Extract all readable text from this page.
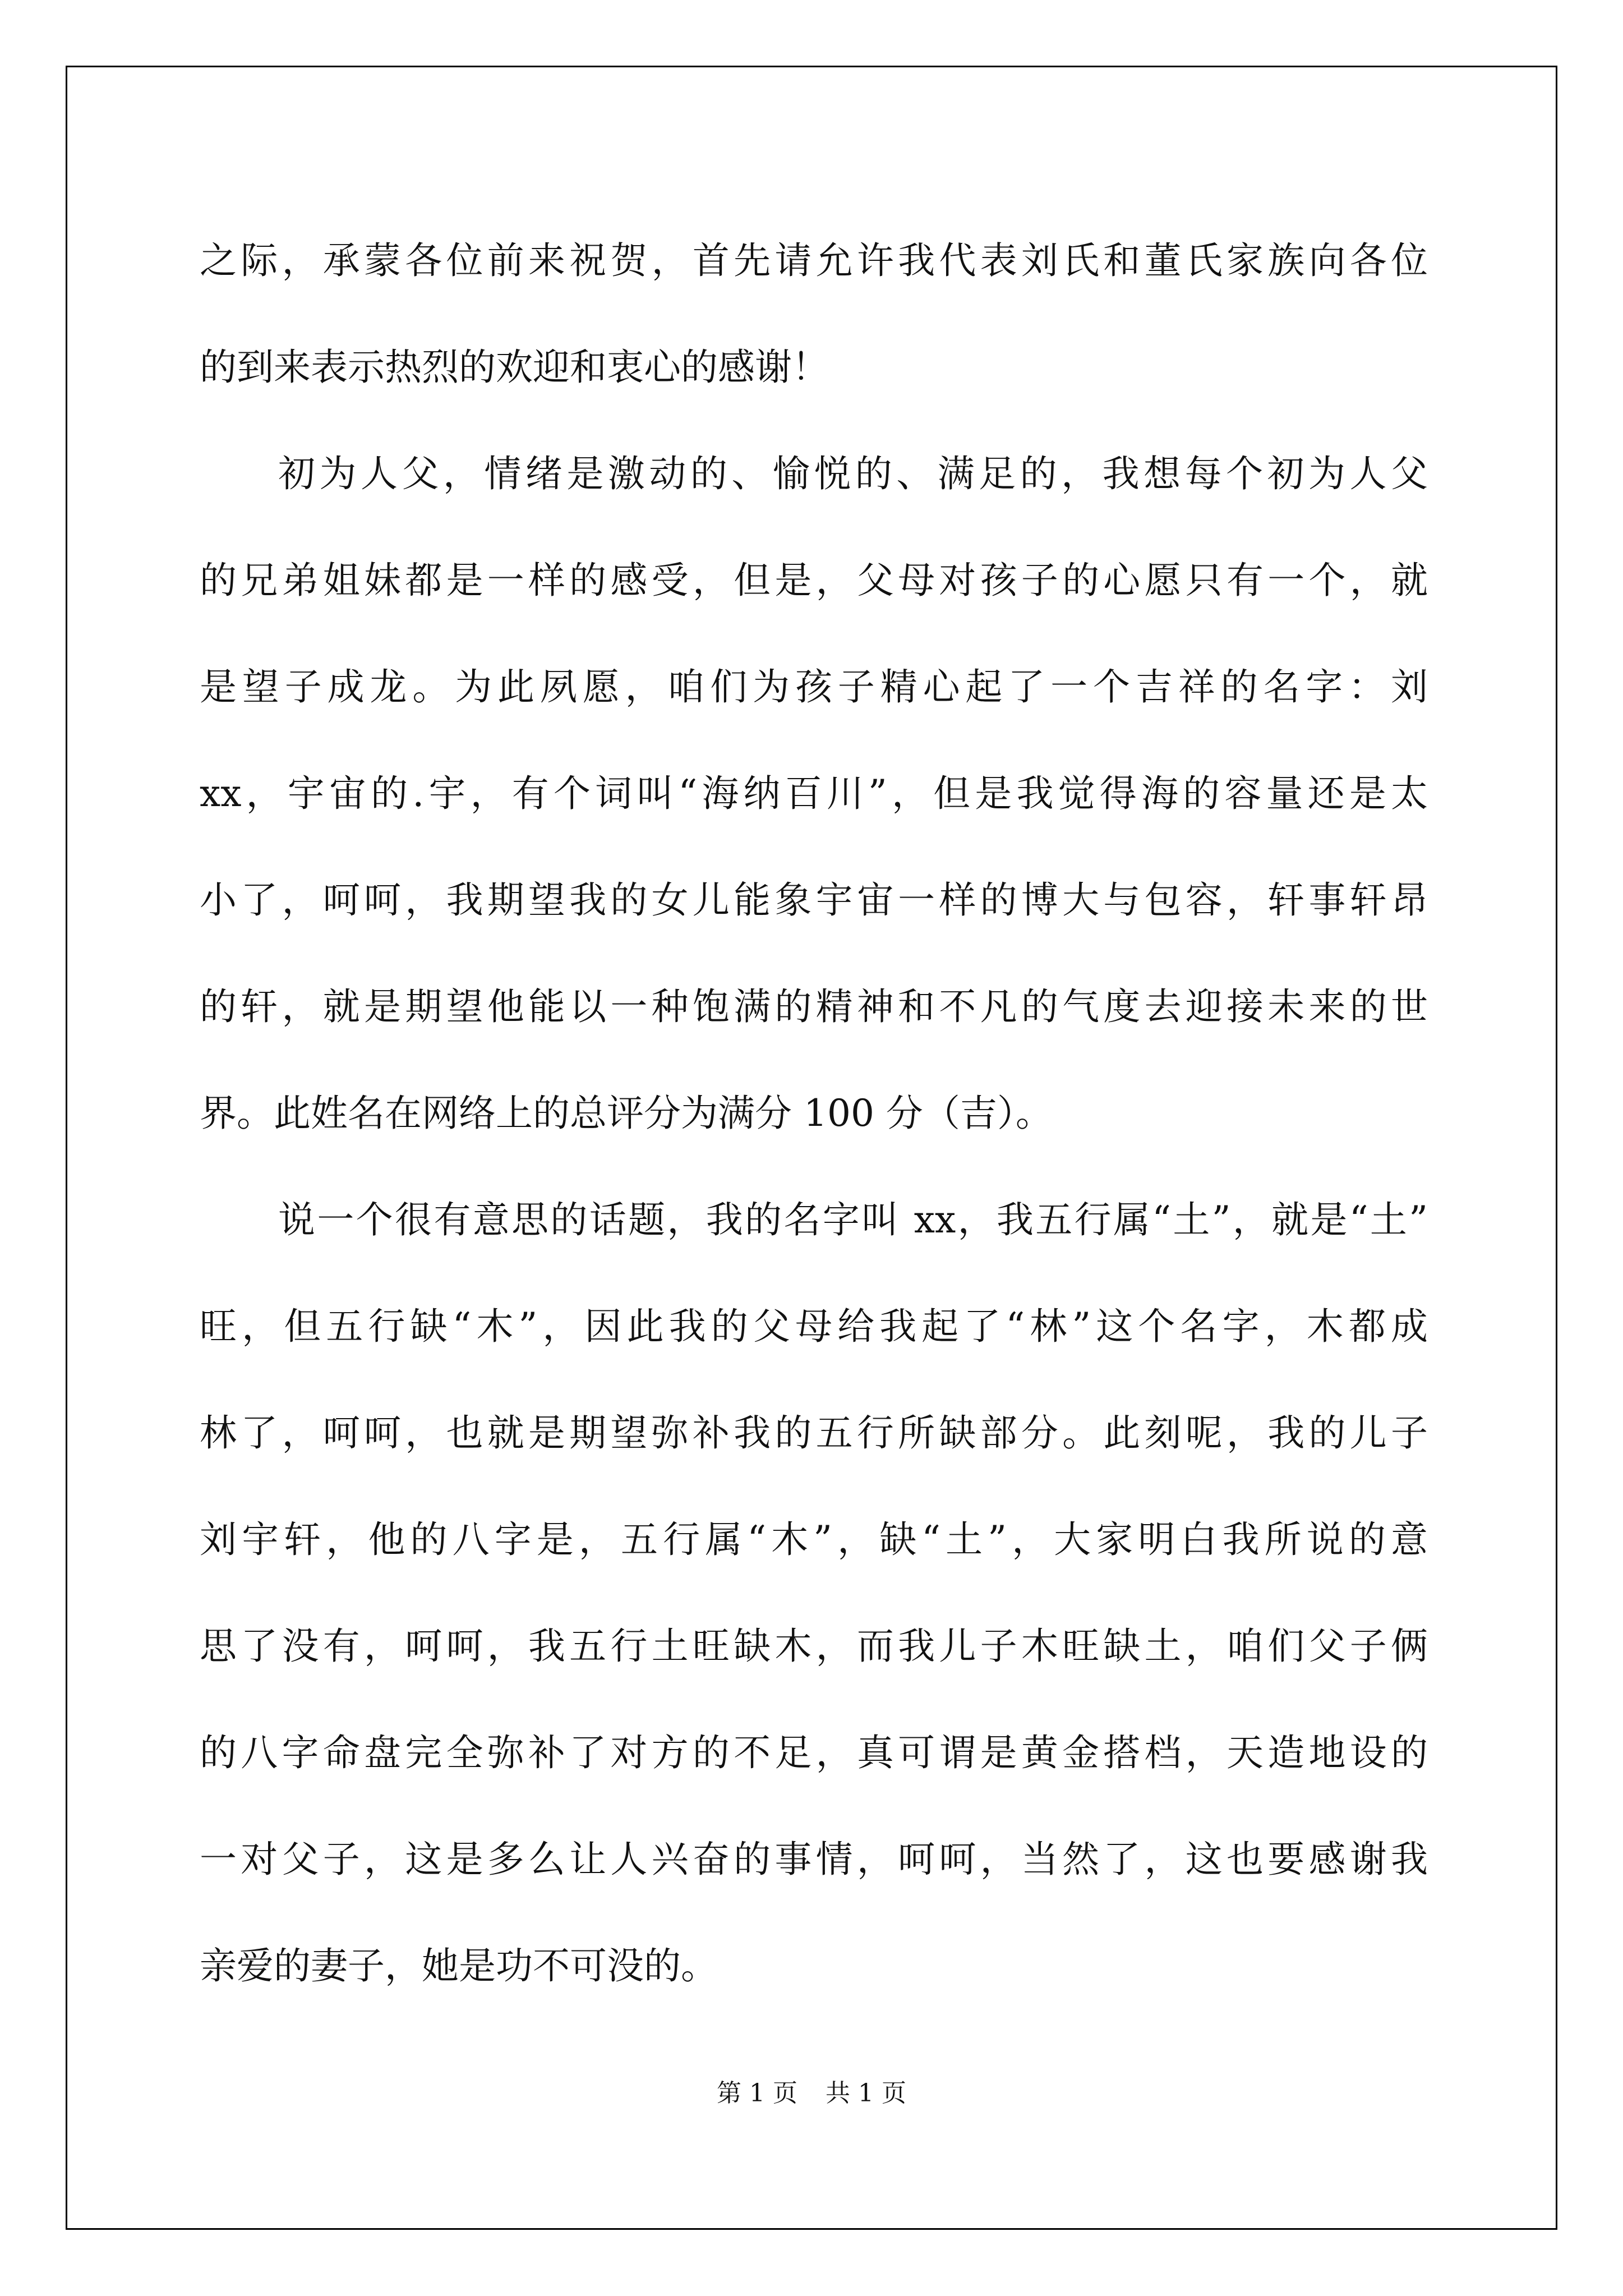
之际，承蒙各位前来祝贺，首先请允许我代表刘氏和董氏家族向各位
的到来表示热烈的欢迎和衷心的感谢！
初为人父，情绪是激动的、愉悦的、满足的，我想每个初为人父
的兄弟姐妹都是一样的感受，但是，父母对孩子的心愿只有一个，就
是望子成龙。为此夙愿，咱们为孩子精心起了一个吉祥的名字：刘
xx，宇宙的.宇，有个词叫“海纳百川”，但是我觉得海的容量还是太
小了，呵呵，我期望我的女儿能象宇宙一样的博大与包容，轩事轩昂
的轩，就是期望他能以一种饱满的精神和不凡的气度去迎接未来的世
界。此姓名在网络上的总评分为满分 100 分（吉）。
说一个很有意思的话题，我的名字叫 xx，我五行属“土”，就是“土”
旺，但五行缺“木”，因此我的父母给我起了“林”这个名字，木都成
林了，呵呵，也就是期望弥补我的五行所缺部分。此刻呢，我的儿子
刘宇轩，他的八字是，五行属“木”，缺“土”，大家明白我所说的意
思了没有，呵呵，我五行土旺缺木，而我儿子木旺缺土，咱们父子俩
的八字命盘完全弥补了对方的不足，真可谓是黄金搭档，天造地设的
一对父子，这是多么让人兴奋的事情，呵呵，当然了，这也要感谢我
亲爱的妻子，她是功不可没的。
第 1 页 共 1 页
